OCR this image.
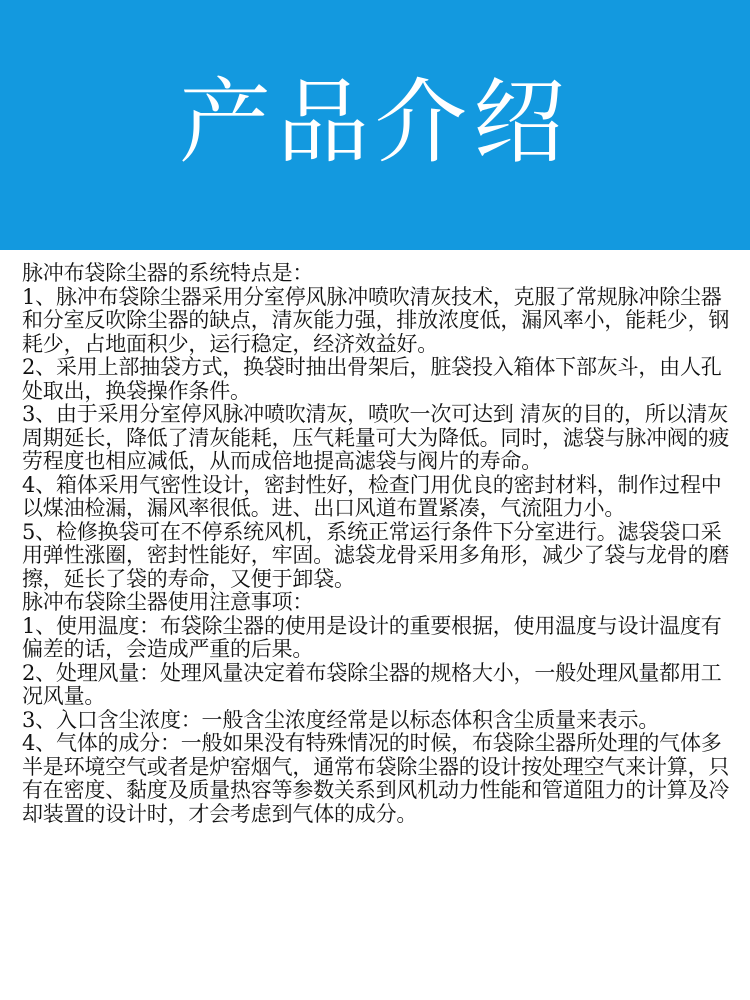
产品介绍

脉冲布袋除尘器的系统特点是：

1、脉冲布袋除尘器采用分室停风脉冲喷吹清灰技术，克服了常规脉冲除尘器和分室反吹除尘器的缺点，清灰能力强，排放浓度低，漏风率小，能耗少，钢耗少，占地面积少，运行稳定，经济效益好。

2、采用上部抽袋方式，换袋时抽出骨架后，脏袋投入箱体下部灰斗，由人孔处取出，换袋操作条件。

3、由于采用分室停风脉冲喷吹清灰，喷吹一次可达到 清灰的目的，所以清灰周期延长，降低了清灰能耗，压气耗量可大为降低。同时，滤袋与脉冲阀的疲劳程度也相应减低，从而成倍地提高滤袋与阀片的寿命。

4、箱体采用气密性设计，密封性好，检查门用优良的密封材料，制作过程中以煤油检漏，漏风率很低。进、出口风道布置紧凑，气流阻力小。

5、检修换袋可在不停系统风机，系统正常运行条件下分室进行。滤袋袋口采用弹性涨圈，密封性能好，牢固。滤袋龙骨采用多角形，减少了袋与龙骨的磨擦，延长了袋的寿命，又便于卸袋。

脉冲布袋除尘器使用注意事项：

1、使用温度：布袋除尘器的使用是设计的重要根据，使用温度与设计温度有偏差的话，会造成严重的后果。

2、处理风量：处理风量决定着布袋除尘器的规格大小，一般处理风量都用工况风量。

3、入口含尘浓度：一般含尘浓度经常是以标态体积含尘质量来表示。

4、气体的成分：一般如果没有特殊情况的时候，布袋除尘器所处理的气体多半是环境空气或者是炉窑烟气，通常布袋除尘器的设计按处理空气来计算，只有在密度、黏度及质量热容等参数关系到风机动力性能和管道阻力的计算及冷却装置的设计时，才会考虑到气体的成分。
